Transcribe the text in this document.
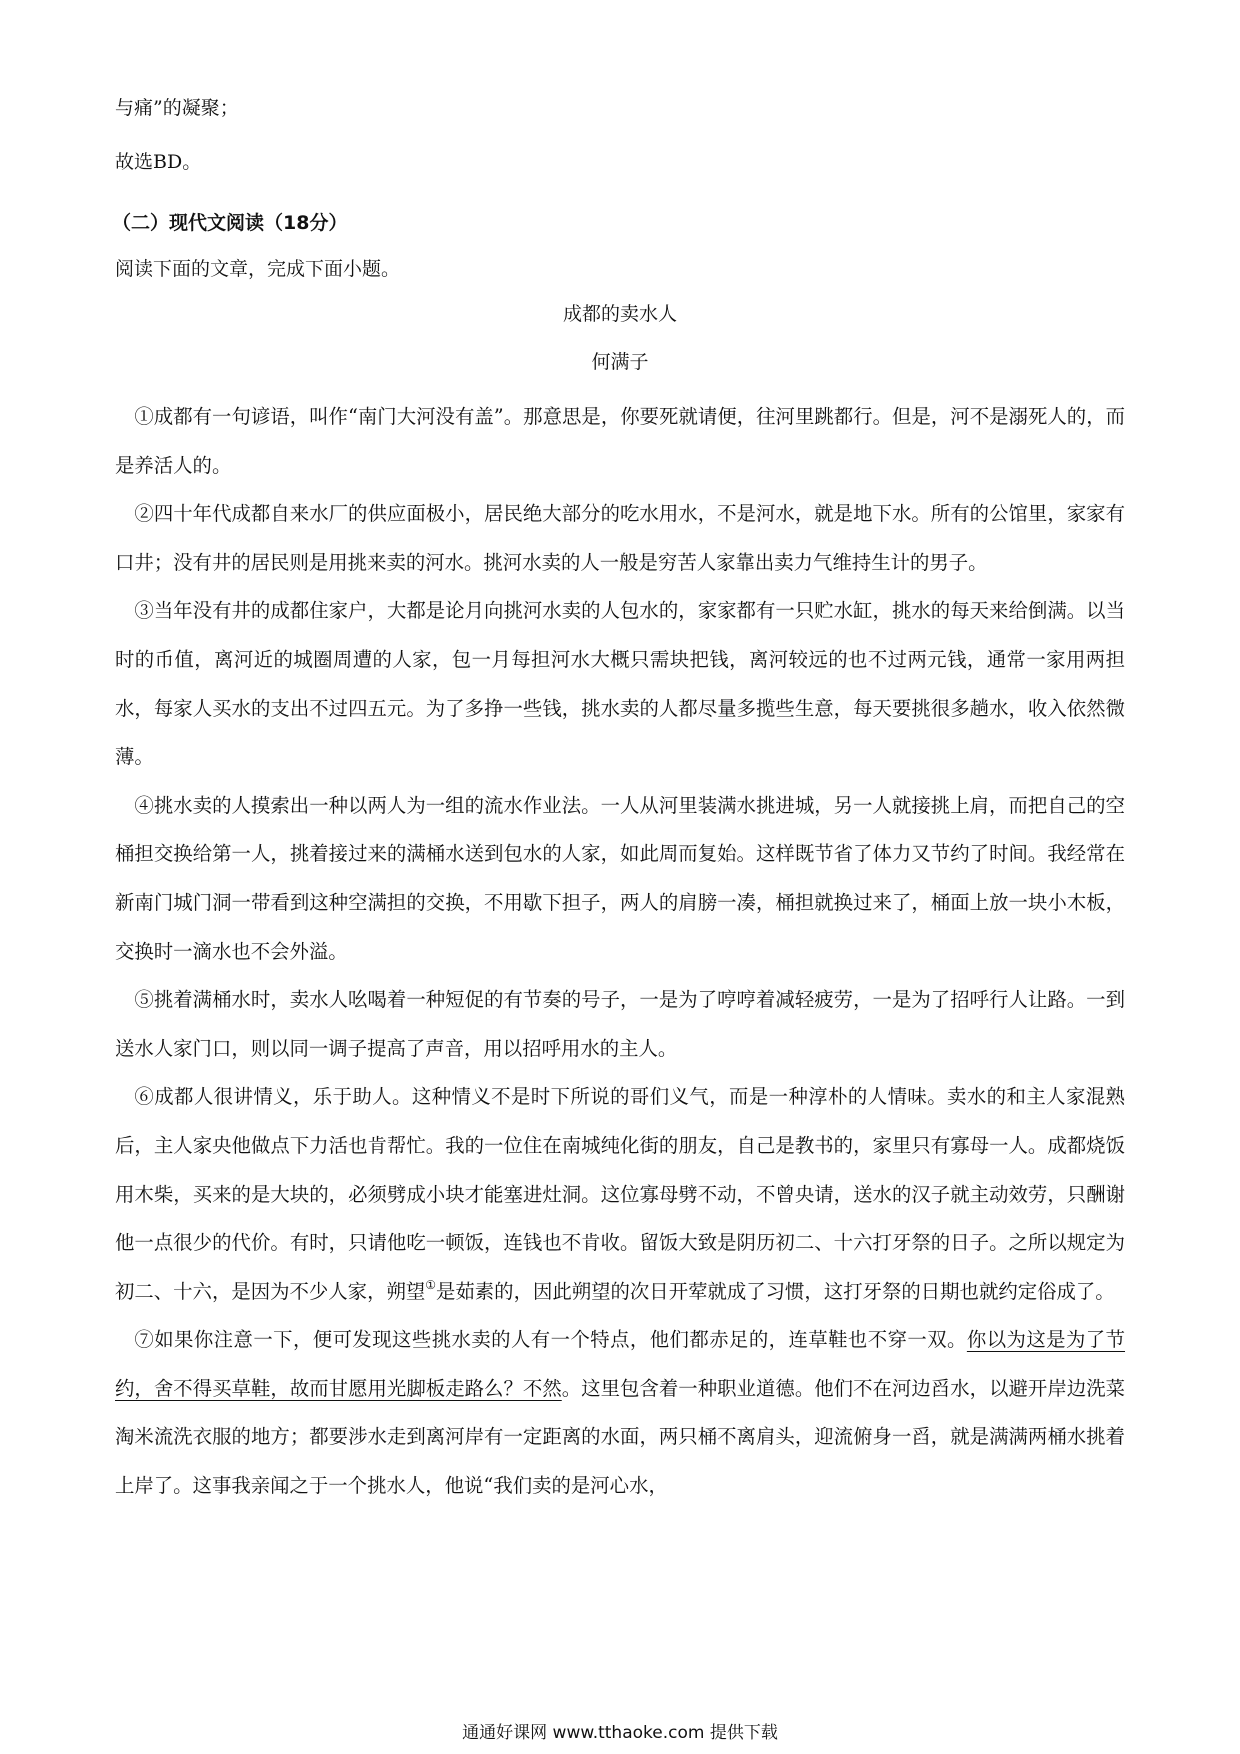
与痛”的凝聚；
故选BD。
（二）现代文阅读（18分）
阅读下面的文章，完成下面小题。
成都的卖水人
何满子

①成都有一句谚语，叫作“南门大河没有盖”。那意思是，你要死就请便，往河里跳都行。但是，河不是溺死人的，而是养活人的。

②四十年代成都自来水厂的供应面极小，居民绝大部分的吃水用水，不是河水，就是地下水。所有的公馆里，家家有口井；没有井的居民则是用挑来卖的河水。挑河水卖的人一般是穷苦人家靠出卖力气维持生计的男子。

③当年没有井的成都住家户，大都是论月向挑河水卖的人包水的，家家都有一只贮水缸，挑水的每天来给倒满。以当时的币值，离河近的城圈周遭的人家，包一月每担河水大概只需块把钱，离河较远的也不过两元钱，通常一家用两担水，每家人买水的支出不过四五元。为了多挣一些钱，挑水卖的人都尽量多揽些生意，每天要挑很多趟水，收入依然微薄。

④挑水卖的人摸索出一种以两人为一组的流水作业法。一人从河里装满水挑进城，另一人就接挑上肩，而把自己的空桶担交换给第一人，挑着接过来的满桶水送到包水的人家，如此周而复始。这样既节省了体力又节约了时间。我经常在新南门城门洞一带看到这种空满担的交换，不用歇下担子，两人的肩膀一凑，桶担就换过来了，桶面上放一块小木板，交换时一滴水也不会外溢。

⑤挑着满桶水时，卖水人吆喝着一种短促的有节奏的号子，一是为了哼哼着减轻疲劳，一是为了招呼行人让路。一到送水人家门口，则以同一调子提高了声音，用以招呼用水的主人。

⑥成都人很讲情义，乐于助人。这种情义不是时下所说的哥们义气，而是一种淳朴的人情味。卖水的和主人家混熟后，主人家央他做点下力活也肯帮忙。我的一位住在南城纯化街的朋友，自己是教书的，家里只有寡母一人。成都烧饭用木柴，买来的是大块的，必须劈成小块才能塞进灶洞。这位寡母劈不动，不曾央请，送水的汉子就主动效劳，只酬谢他一点很少的代价。有时，只请他吃一顿饭，连钱也不肯收。留饭大致是阴历初二、十六打牙祭的日子。之所以规定为初二、十六，是因为不少人家，朔望①是茹素的，因此朔望的次日开荤就成了习惯，这打牙祭的日期也就约定俗成了。

⑦如果你注意一下，便可发现这些挑水卖的人有一个特点，他们都赤足的，连草鞋也不穿一双。你以为这是为了节约，舍不得买草鞋，故而甘愿用光脚板走路么？不然。这里包含着一种职业道德。他们不在河边舀水，以避开岸边洗菜淘米流洗衣服的地方；都要涉水走到离河岸有一定距离的水面，两只桶不离肩头，迎流俯身一舀，就是满满两桶水挑着上岸了。这事我亲闻之于一个挑水人，他说“我们卖的是河心水，

通通好课网 www.tthaoke.com 提供下载
